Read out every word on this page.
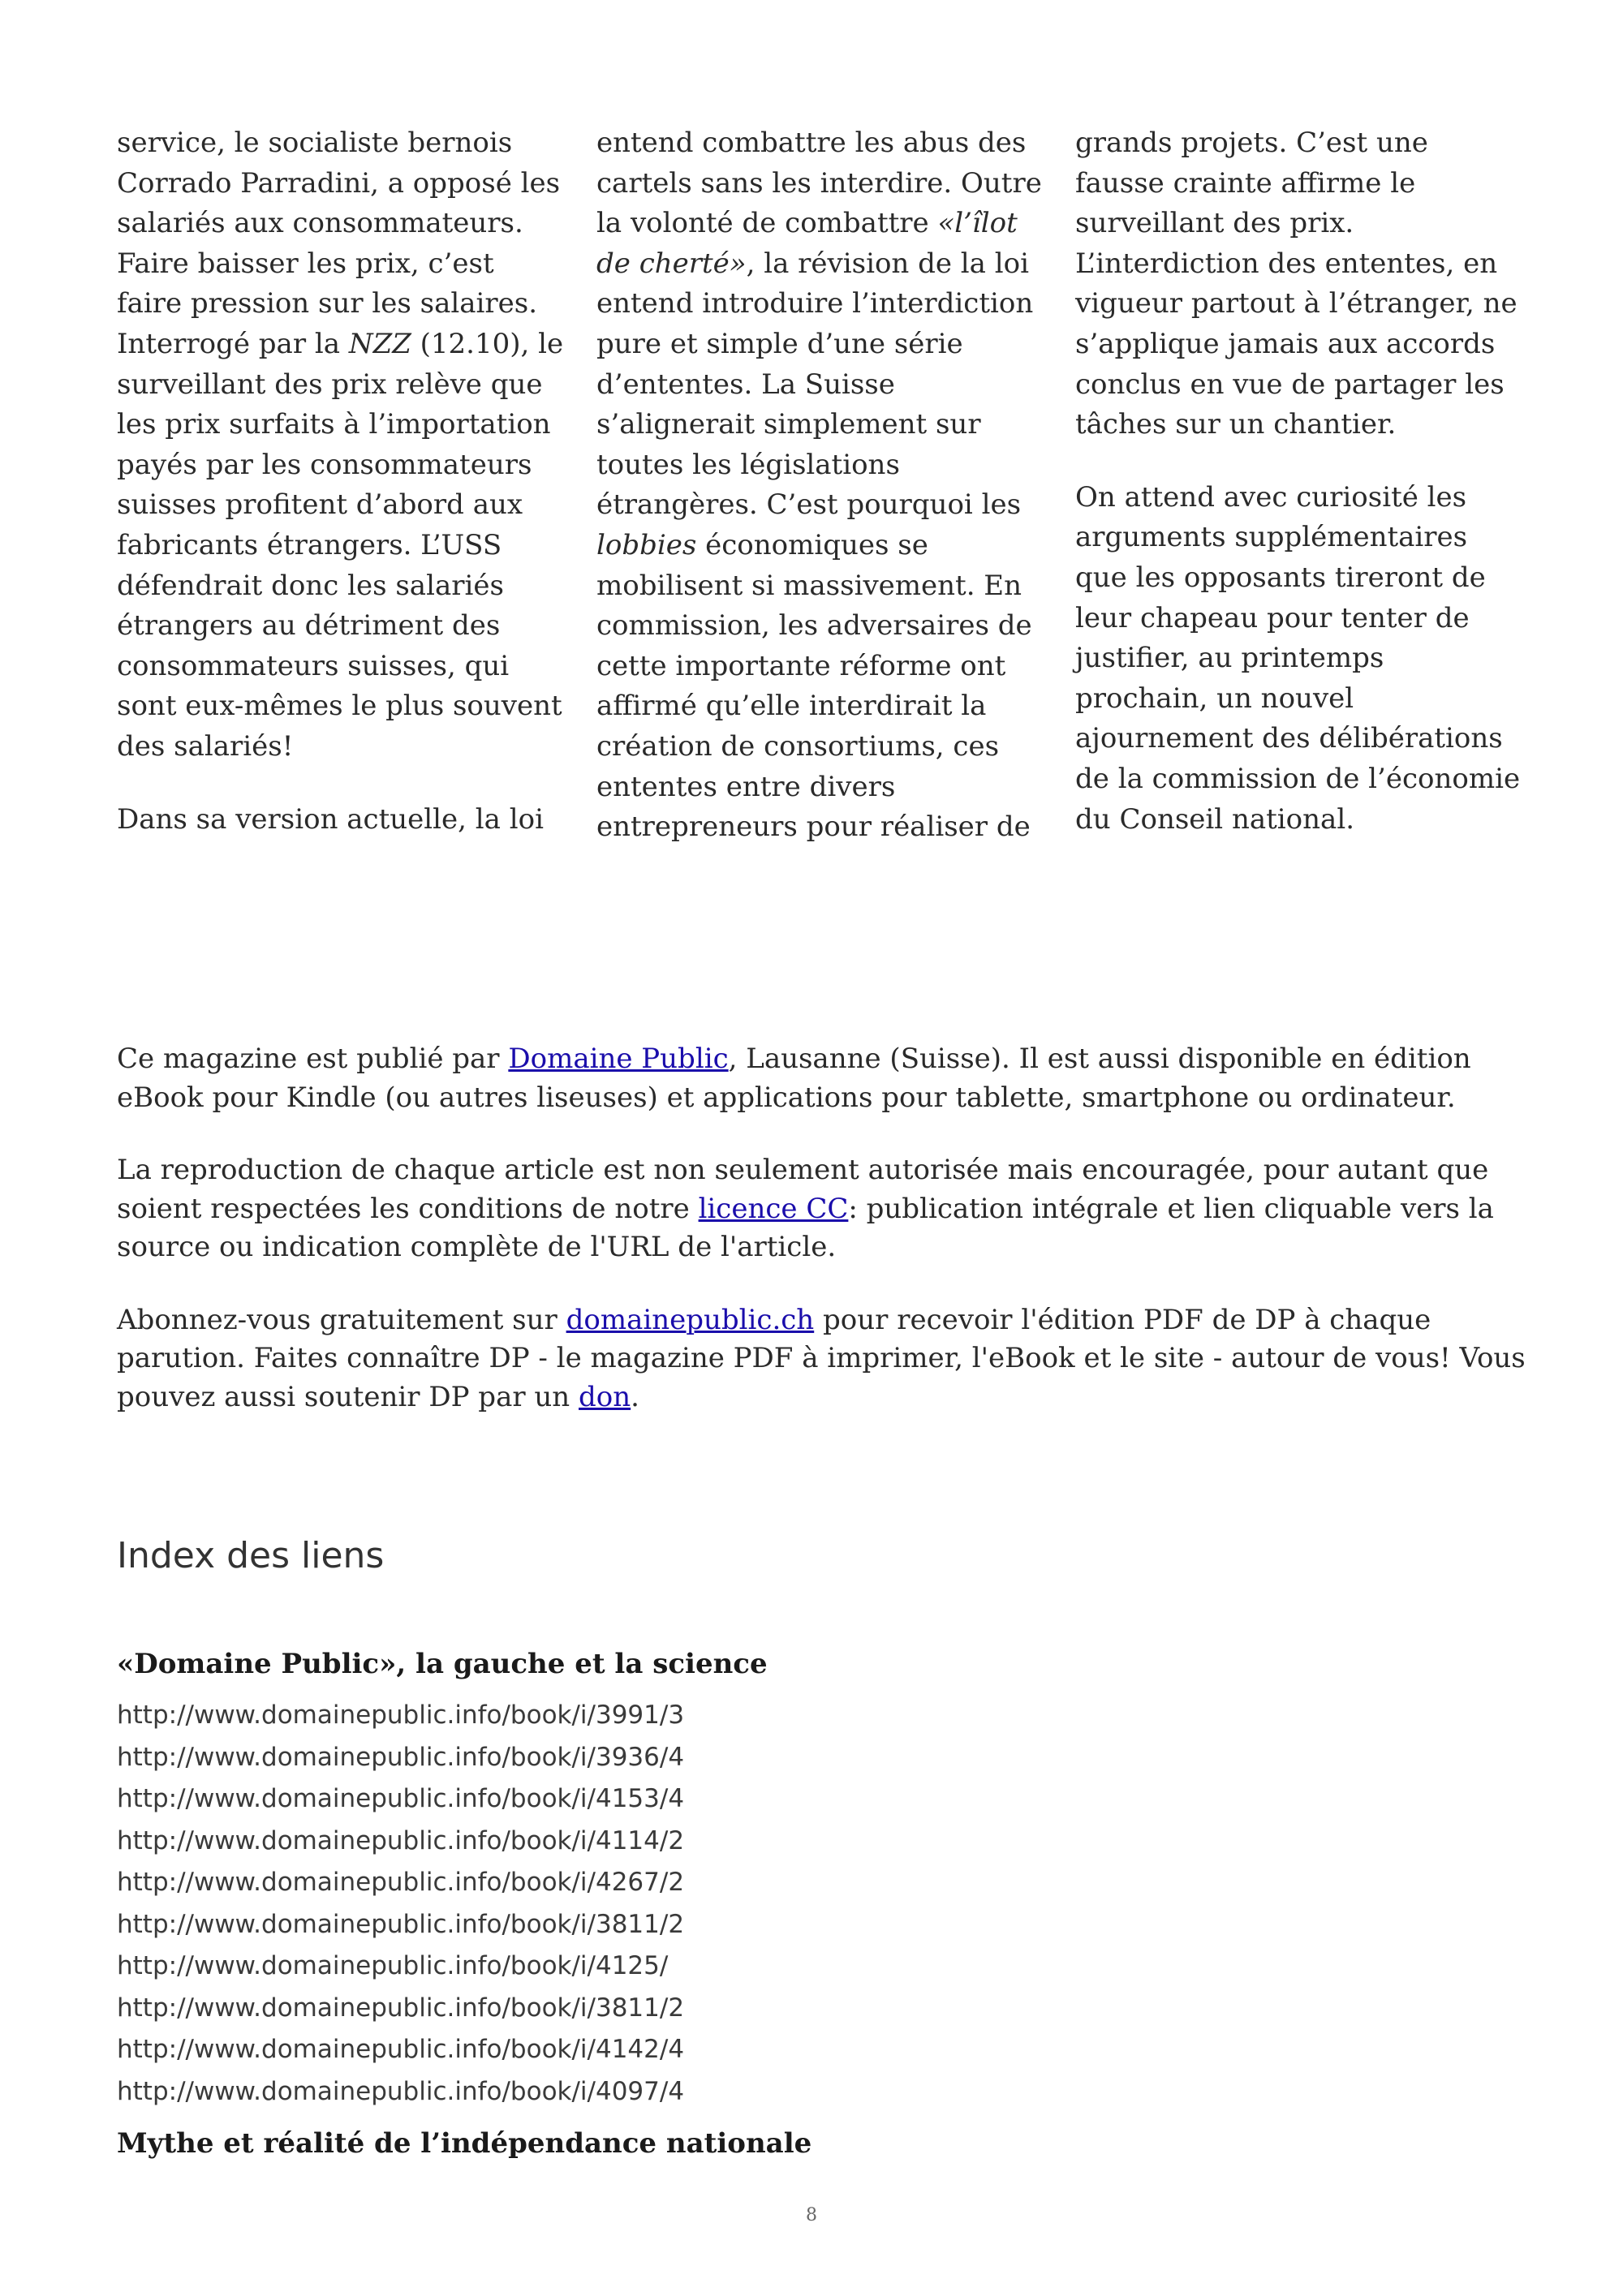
service, le socialiste bernois
Corrado Parradini, a opposé les
salariés aux consommateurs.
Faire baisser les prix, c’est
faire pression sur les salaires.
Interrogé par la NZZ (12.10), le
surveillant des prix relève que
les prix surfaits à l’importation
payés par les consommateurs
suisses profitent d’abord aux
fabricants étrangers. L’USS
défendrait donc les salariés
étrangers au détriment des
consommateurs suisses, qui
sont eux-mêmes le plus souvent
des salariés!

Dans sa version actuelle, la loi

entend combattre les abus des
cartels sans les interdire. Outre
la volonté de combattre «l’îlot
de cherté», la révision de la loi
entend introduire l’interdiction
pure et simple d’une série
d’ententes. La Suisse
s’alignerait simplement sur
toutes les législations
étrangères. C’est pourquoi les
lobbies économiques se
mobilisent si massivement. En
commission, les adversaires de
cette importante réforme ont
affirmé qu’elle interdirait la
création de consortiums, ces
ententes entre divers
entrepreneurs pour réaliser de

grands projets. C’est une
fausse crainte affirme le
surveillant des prix.
L’interdiction des ententes, en
vigueur partout à l’étranger, ne
s’applique jamais aux accords
conclus en vue de partager les
tâches sur un chantier.

On attend avec curiosité les
arguments supplémentaires
que les opposants tireront de
leur chapeau pour tenter de
justifier, au printemps
prochain, un nouvel
ajournement des délibérations
de la commission de l’économie
du Conseil national.

Ce magazine est publié par Domaine Public, Lausanne (Suisse). Il est aussi disponible en édition
eBook pour Kindle (ou autres liseuses) et applications pour tablette, smartphone ou ordinateur.

La reproduction de chaque article est non seulement autorisée mais encouragée, pour autant que
soient respectées les conditions de notre licence CC: publication intégrale et lien cliquable vers la
source ou indication complète de l'URL de l'article.

Abonnez-vous gratuitement sur domainepublic.ch pour recevoir l'édition PDF de DP à chaque
parution. Faites connaître DP - le magazine PDF à imprimer, l'eBook et le site - autour de vous! Vous
pouvez aussi soutenir DP par un don.

Index des liens
«Domaine Public», la gauche et la science
http://www.domainepublic.info/book/i/3991/3
http://www.domainepublic.info/book/i/3936/4
http://www.domainepublic.info/book/i/4153/4
http://www.domainepublic.info/book/i/4114/2
http://www.domainepublic.info/book/i/4267/2
http://www.domainepublic.info/book/i/3811/2
http://www.domainepublic.info/book/i/4125/
http://www.domainepublic.info/book/i/3811/2
http://www.domainepublic.info/book/i/4142/4
http://www.domainepublic.info/book/i/4097/4
Mythe et réalité de l’indépendance nationale
8
